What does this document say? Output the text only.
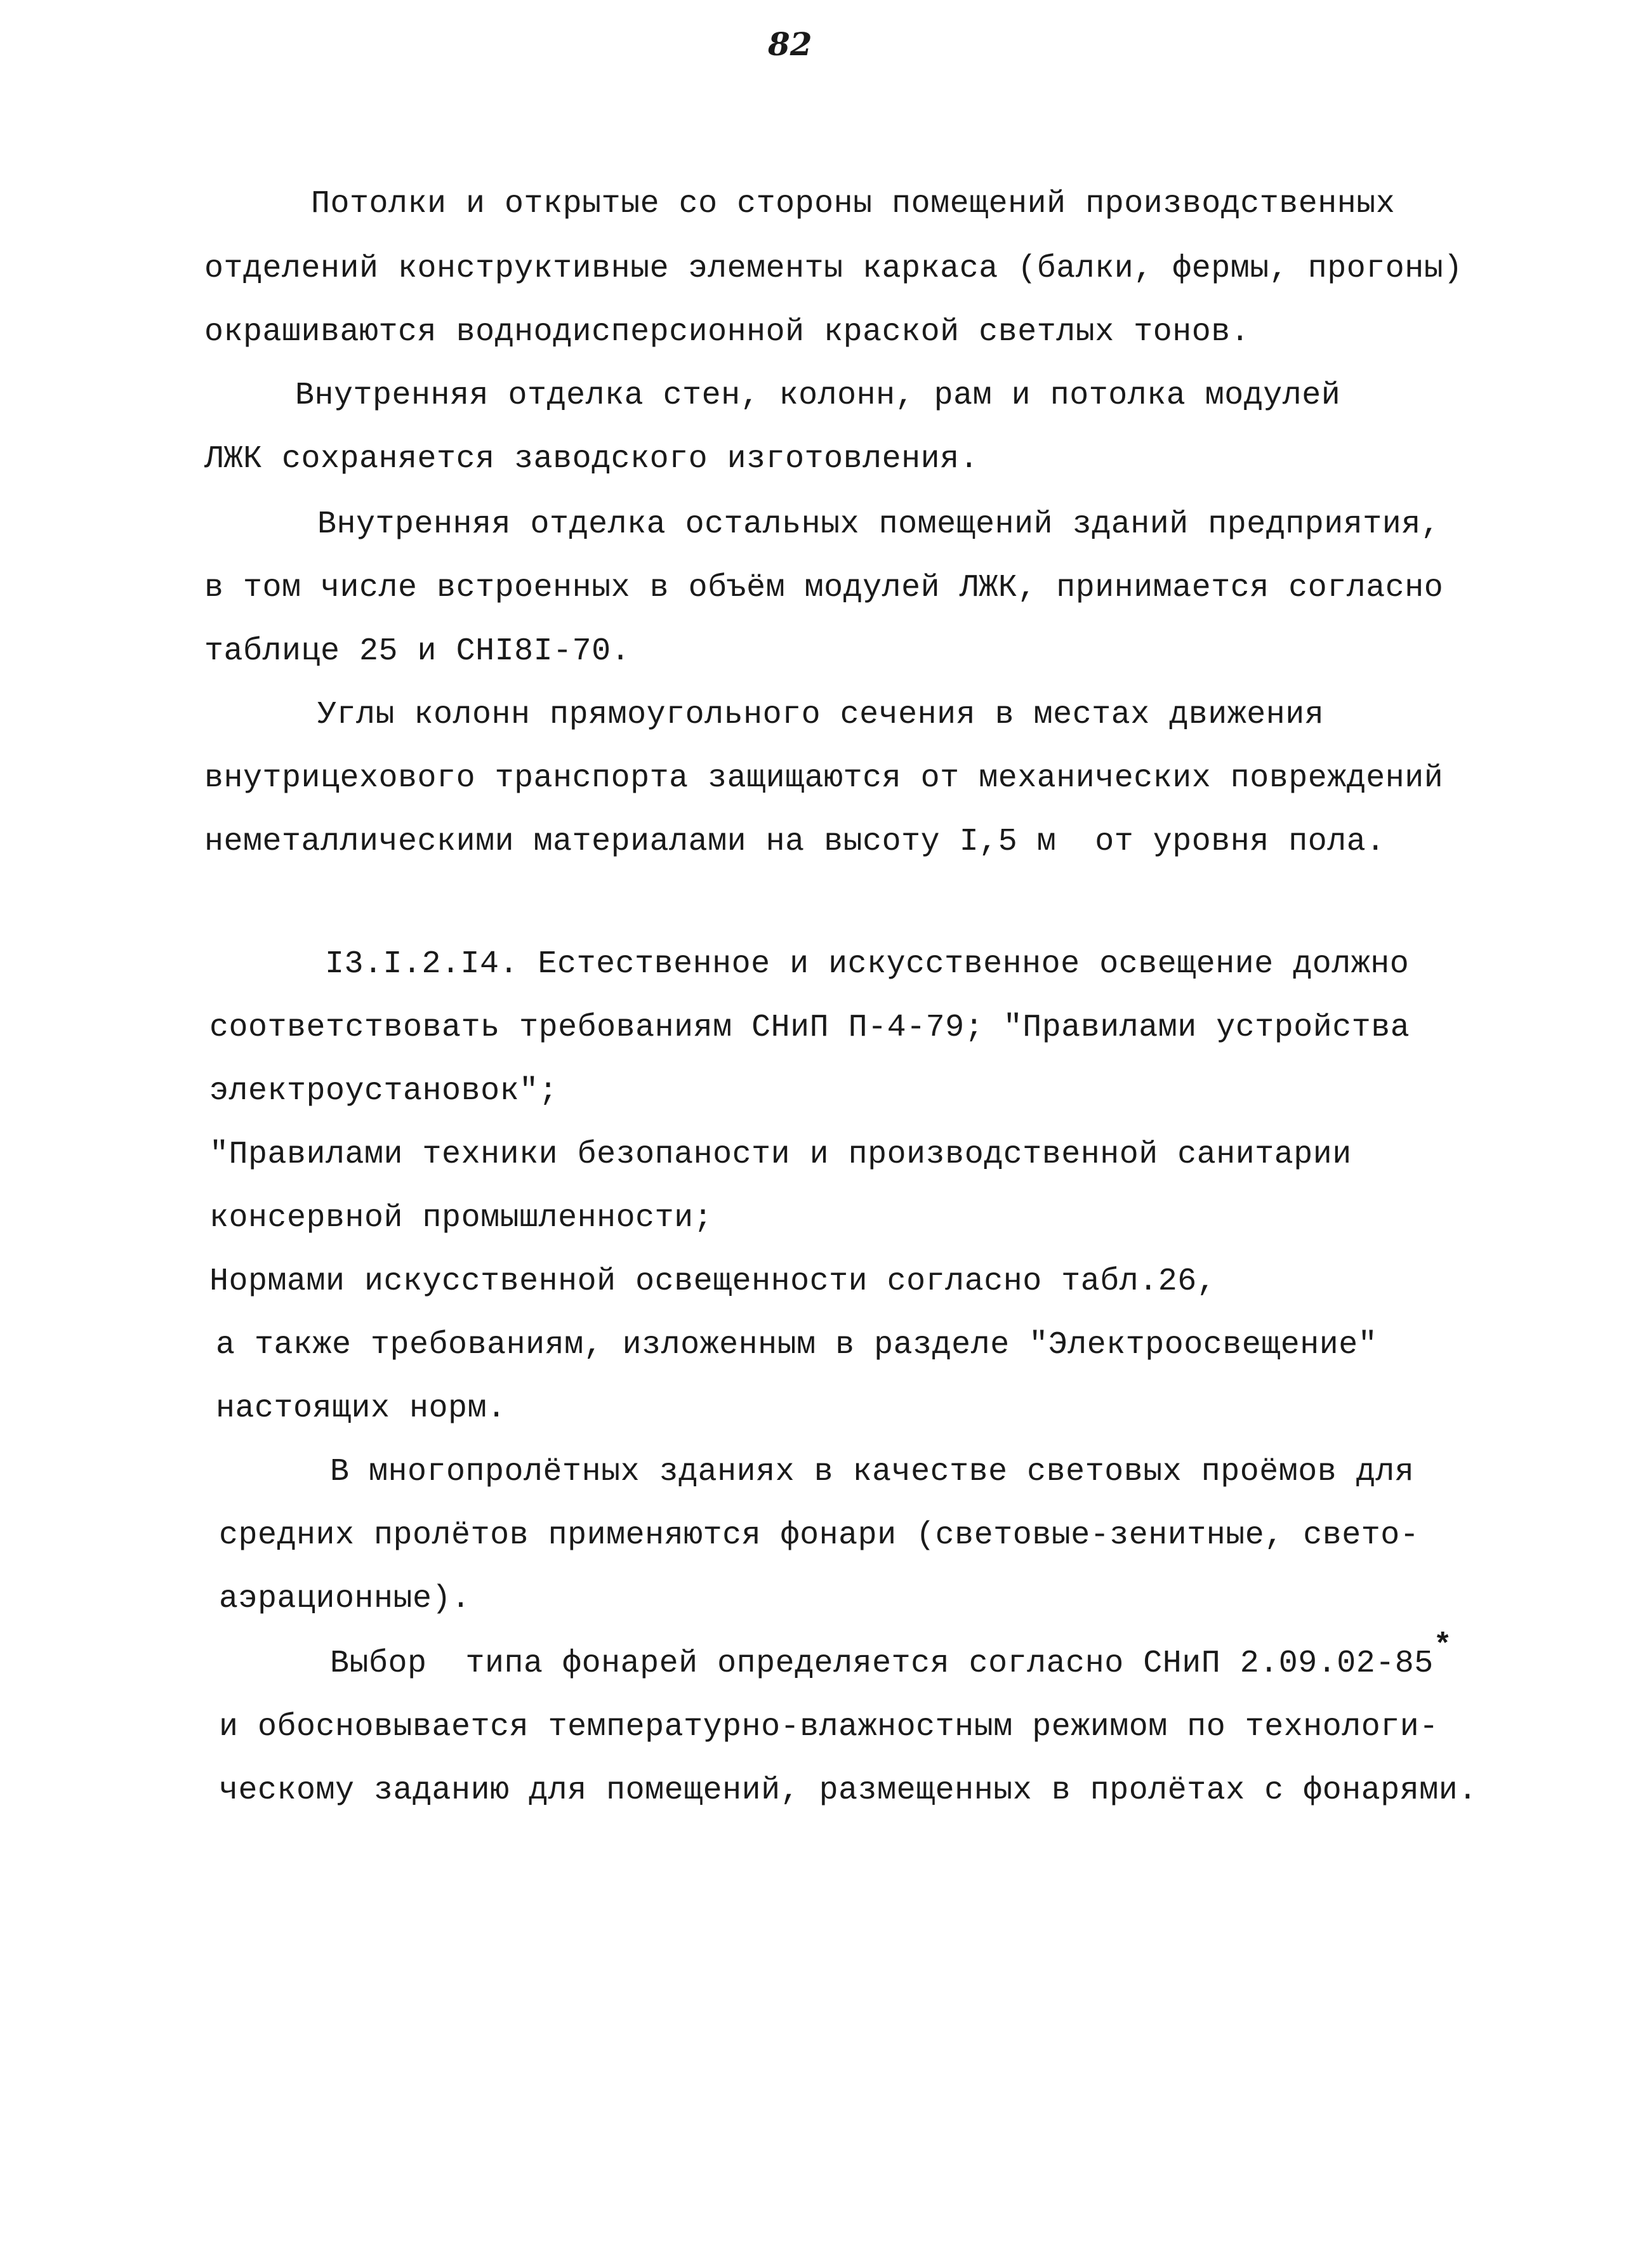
82
Потолки и открытые со стороны помещений производственных
отделений конструктивные элементы каркаса (балки, фермы, прогоны)
окрашиваются воднодисперсионной краской светлых тонов.
Внутренняя отделка стен, колонн, рам и потолка модулей
ЛЖК сохраняется заводского изготовления.
Внутренняя отделка остальных помещений зданий предприятия,
в том числе встроенных в объём модулей ЛЖК, принимается согласно
таблице 25 и СНI8I-70.
Углы колонн прямоугольного сечения в местах движения
внутрицехового транспорта защищаются от механических повреждений
неметаллическими материалами на высоту I,5 м  от уровня пола.
I3.I.2.I4. Естественное и искусственное освещение должно
соответствовать требованиям СНиП П-4-79; "Правилами устройства
электроустановок";
"Правилами техники безопаности и производственной санитарии
консервной промышленности;
Нормами искусственной освещенности согласно табл.26,
а также требованиям, изложенным в разделе "Электроосвещение"
настоящих норм.
В многопролётных зданиях в качестве световых проёмов для
средних пролётов применяются фонари (световые-зенитные, свето-
аэрационные).
Выбор  типа фонарей определяется согласно СНиП 2.09.02-85*
и обосновывается температурно-влажностным режимом по технологи-
ческому заданию для помещений, размещенных в пролётах с фонарями.
